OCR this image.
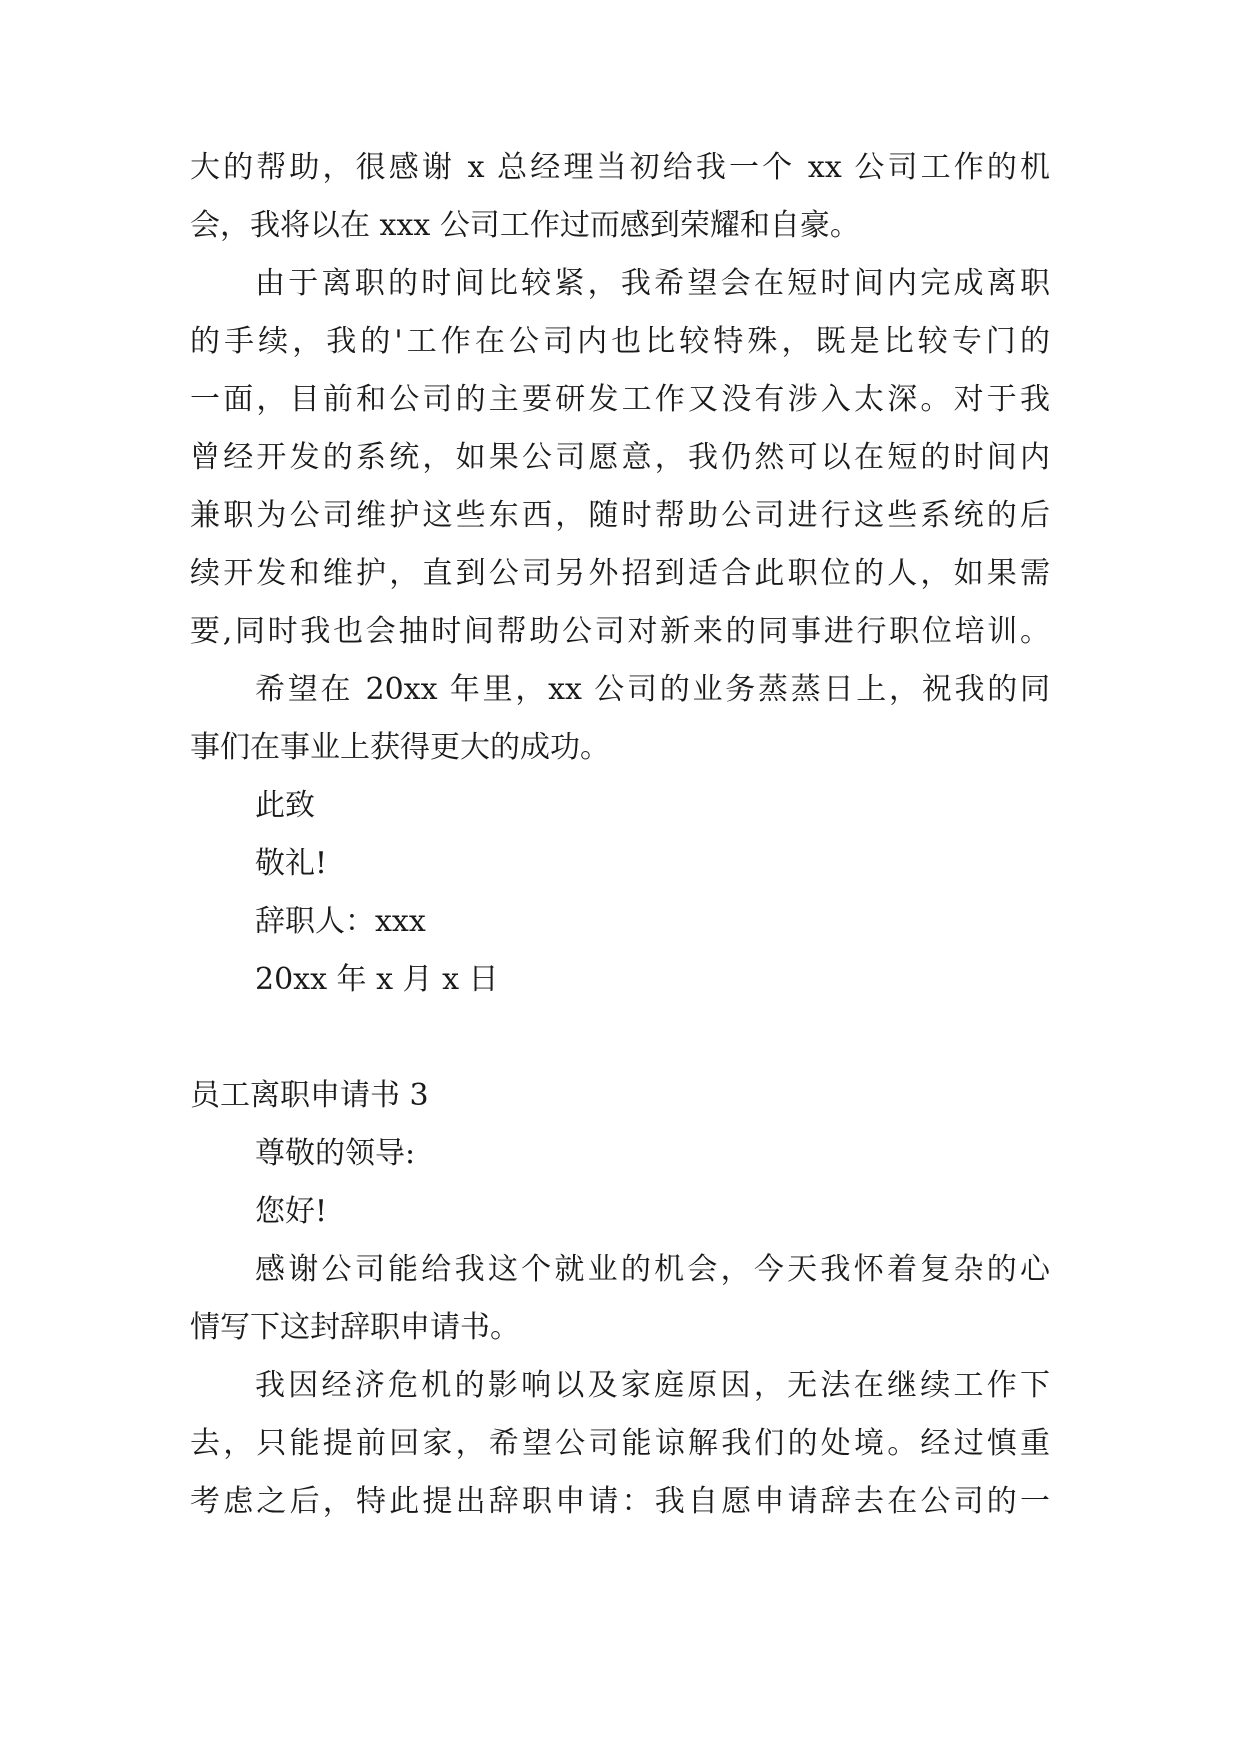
大的帮助，很感谢 x 总经理当初给我一个 xx 公司工作的机
会，我将以在 xxx 公司工作过而感到荣耀和自豪。
由于离职的时间比较紧，我希望会在短时间内完成离职
的手续，我的'工作在公司内也比较特殊，既是比较专门的
一面，目前和公司的主要研发工作又没有涉入太深。对于我
曾经开发的系统，如果公司愿意，我仍然可以在短的时间内
兼职为公司维护这些东西，随时帮助公司进行这些系统的后
续开发和维护，直到公司另外招到适合此职位的人，如果需
要,同时我也会抽时间帮助公司对新来的同事进行职位培训。
希望在 20xx 年里，xx 公司的业务蒸蒸日上，祝我的同
事们在事业上获得更大的成功。
此致
敬礼!
辞职人：xxx
20xx 年 x 月 x 日
员工离职申请书 3
尊敬的领导:
您好!
感谢公司能给我这个就业的机会，今天我怀着复杂的心
情写下这封辞职申请书。
我因经济危机的影响以及家庭原因，无法在继续工作下
去，只能提前回家，希望公司能谅解我们的处境。经过慎重
考虑之后，特此提出辞职申请：我自愿申请辞去在公司的一
